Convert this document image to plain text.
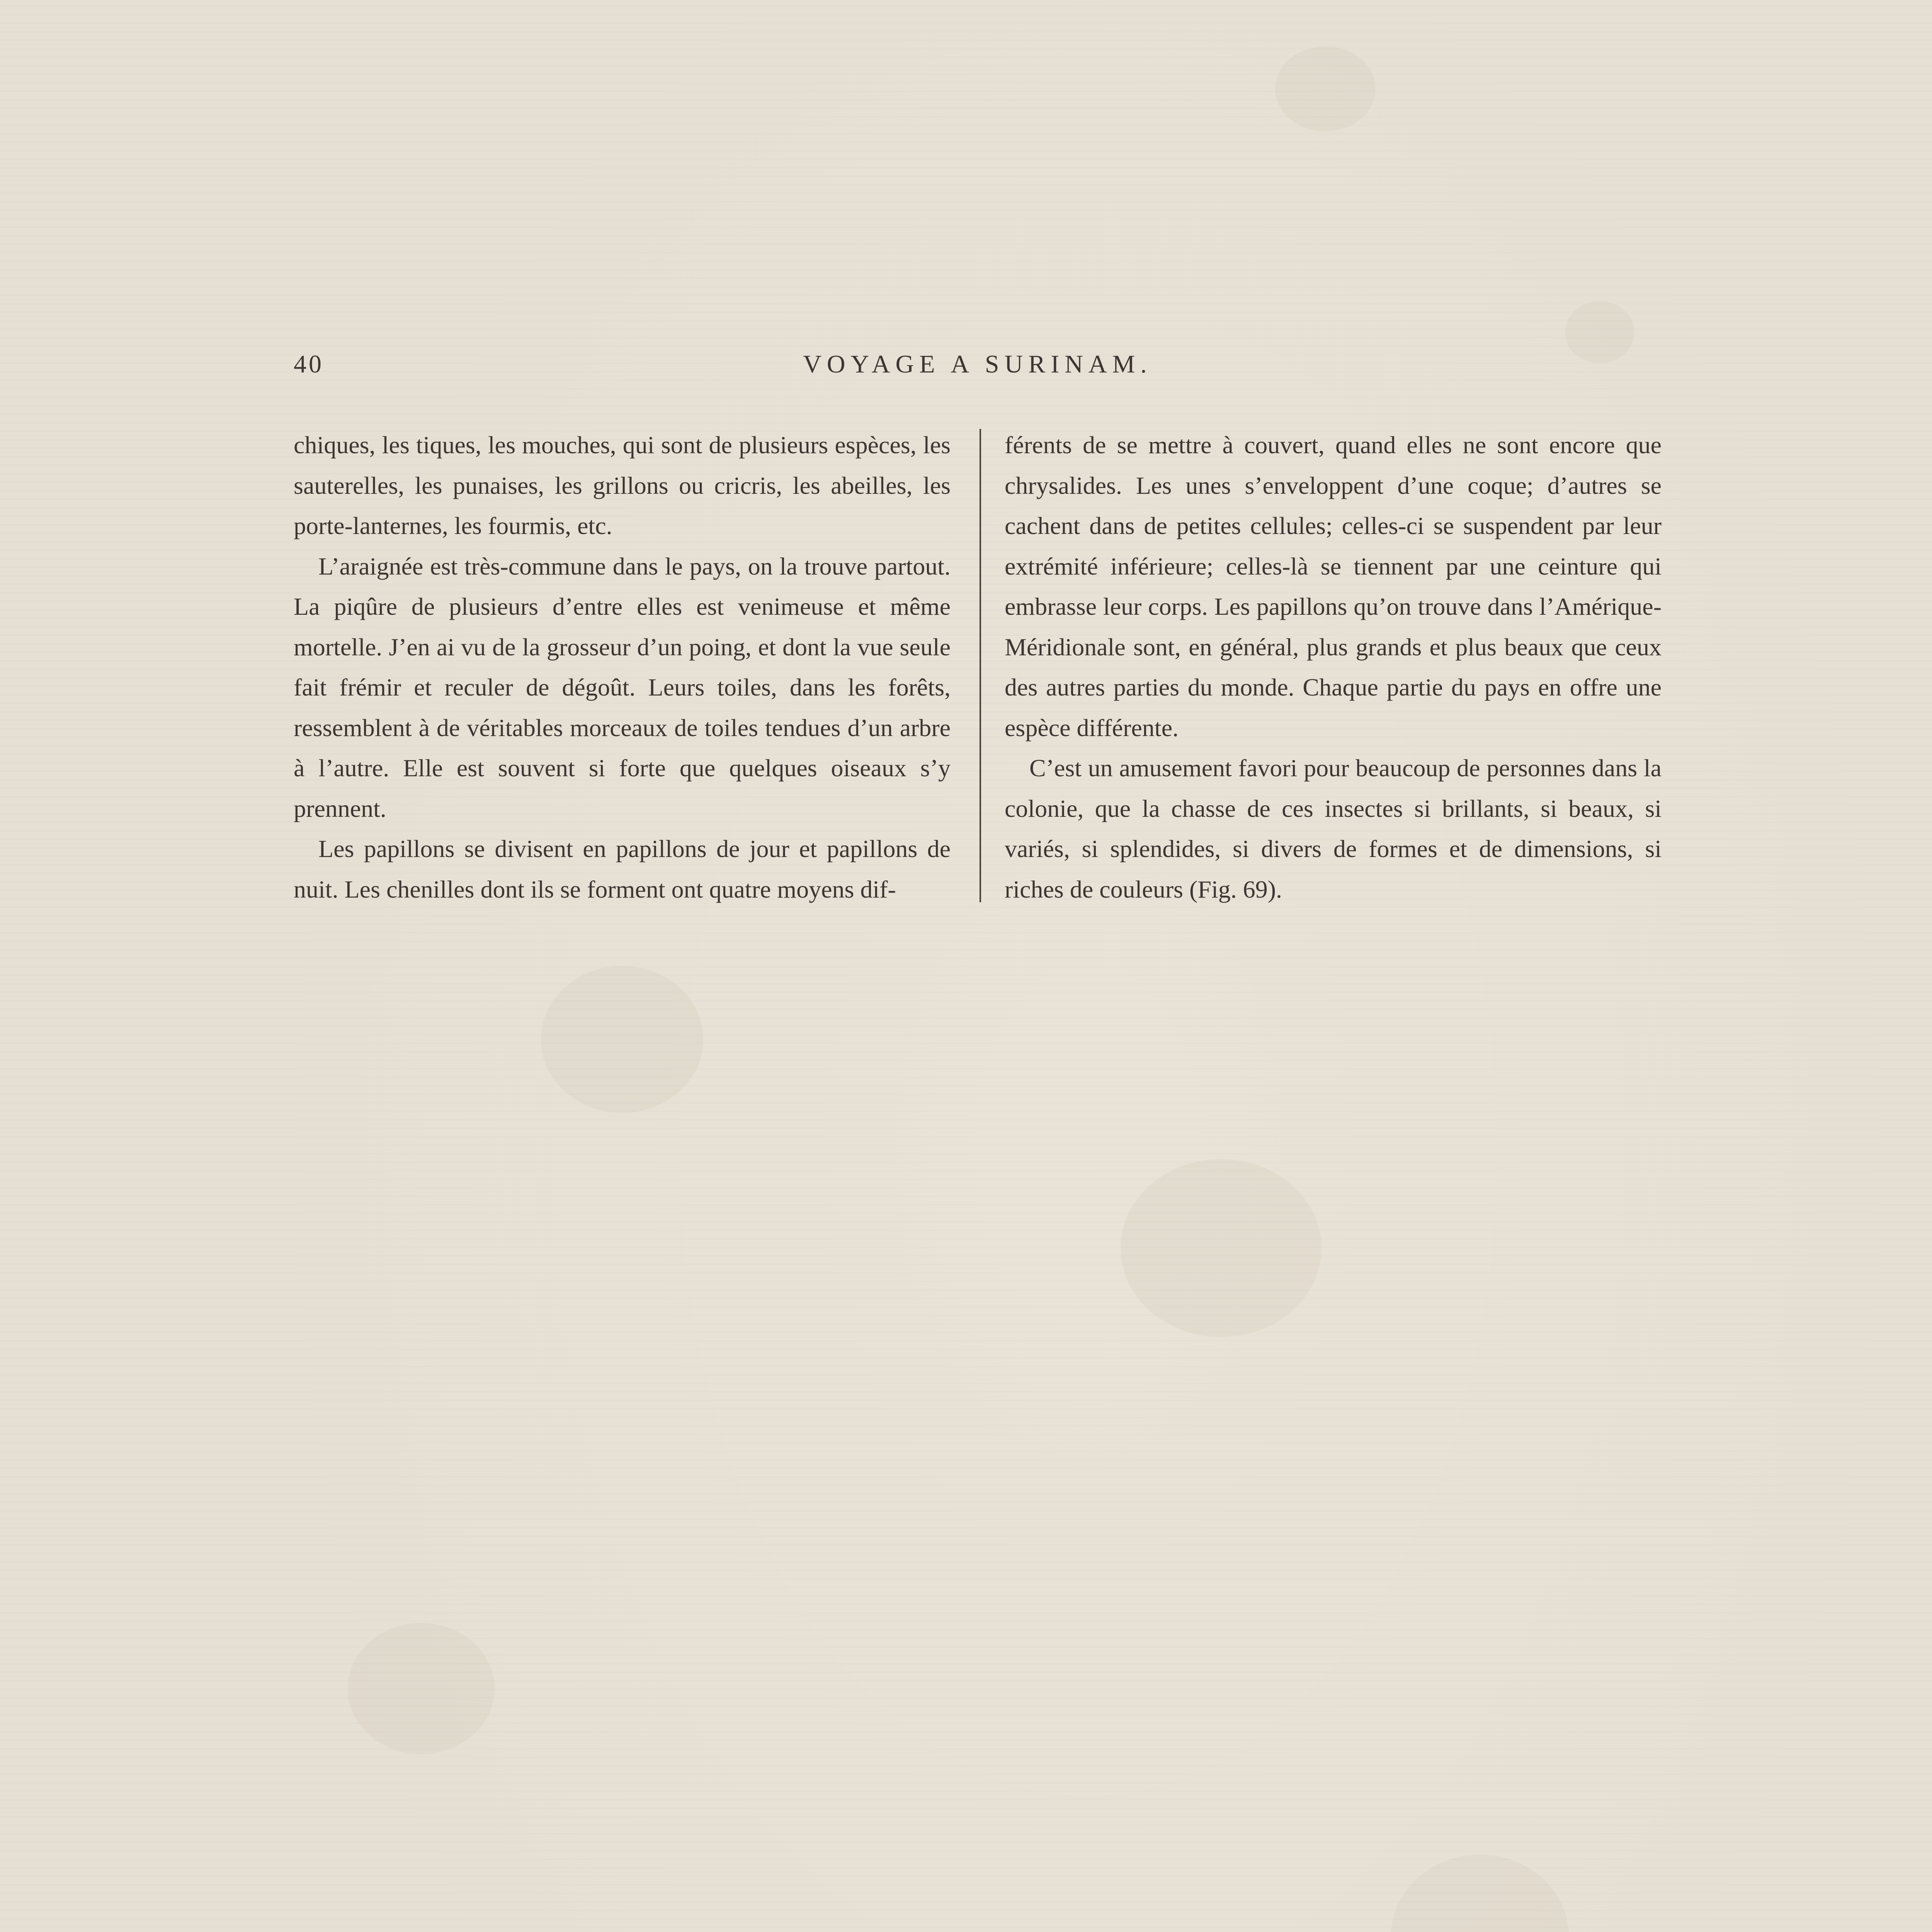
40	VOYAGE A SURINAM.

chiques, les tiques, les mouches, qui sont de plusieurs espèces, les sauterelles, les punaises, les grillons ou cricris, les abeilles, les porte-lanternes, les fourmis, etc.

L’araignée est très-commune dans le pays, on la trouve partout. La piqûre de plusieurs d’entre elles est venimeuse et même mortelle. J’en ai vu de la grosseur d’un poing, et dont la vue seule fait frémir et reculer de dégoût. Leurs toiles, dans les forêts, ressemblent à de véritables morceaux de toiles tendues d’un arbre à l’autre. Elle est souvent si forte que quelques oiseaux s’y prennent.

Les papillons se divisent en papillons de jour et papillons de nuit. Les chenilles dont ils se forment ont quatre moyens dif-

férents de se mettre à couvert, quand elles ne sont encore que chrysalides. Les unes s’enveloppent d’une coque; d’autres se cachent dans de petites cellules; celles-ci se suspendent par leur extrémité inférieure; celles-là se tiennent par une ceinture qui embrasse leur corps. Les papillons qu’on trouve dans l’Amérique-Méridionale sont, en général, plus grands et plus beaux que ceux des autres parties du monde. Chaque partie du pays en offre une espèce différente.

C’est un amusement favori pour beaucoup de personnes dans la colonie, que la chasse de ces insectes si brillants, si beaux, si variés, si splendides, si divers de formes et de dimensions, si riches de couleurs (Fig. 69).
